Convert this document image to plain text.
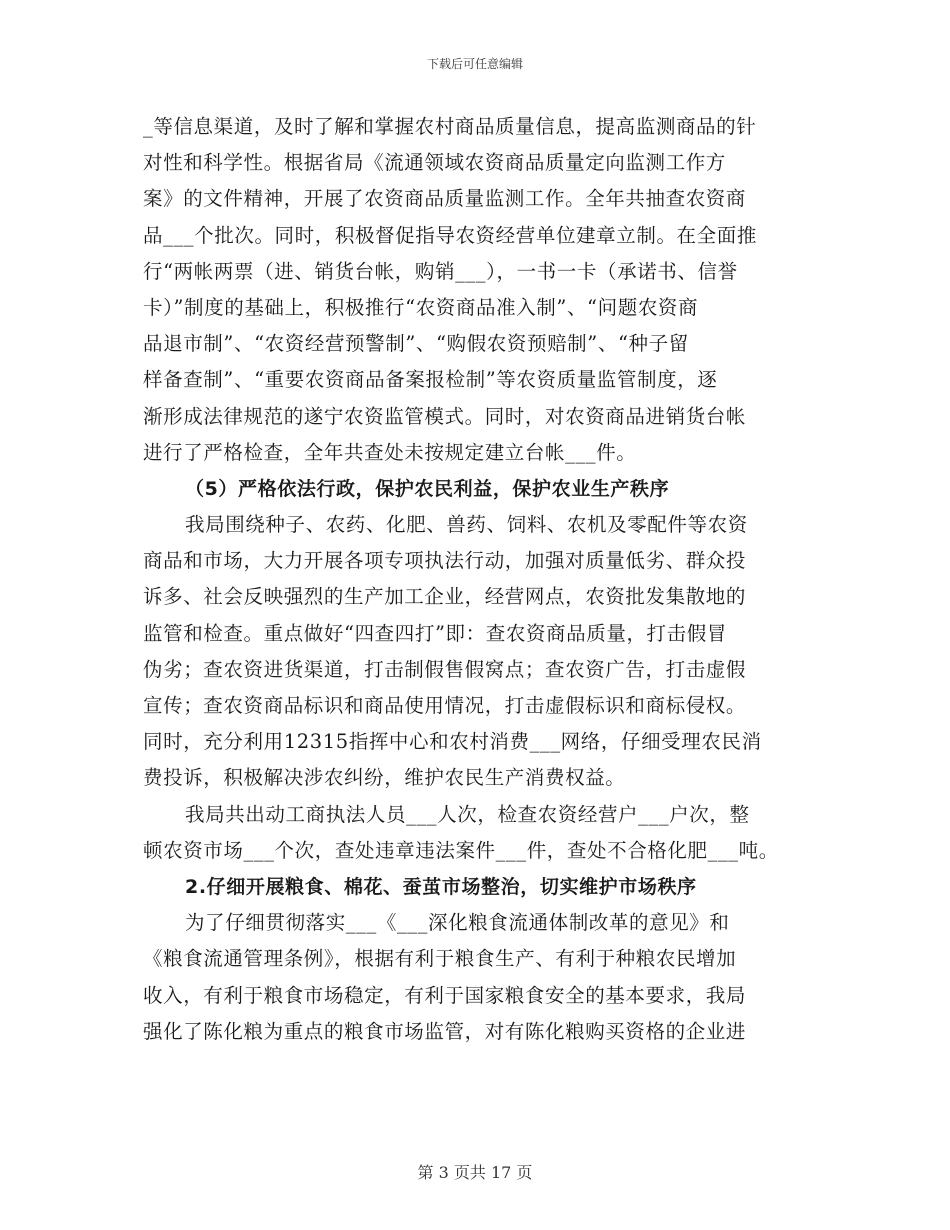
下载后可任意编辑
_等信息渠道，及时了解和掌握农村商品质量信息，提高监测商品的针
对性和科学性。根据省局《流通领域农资商品质量定向监测工作方
案》的文件精神，开展了农资商品质量监测工作。全年共抽查农资商
品___个批次。同时，积极督促指导农资经营单位建章立制。在全面推
行“两帐两票（进、销货台帐，购销___），一书一卡（承诺书、信誉
卡）”制度的基础上，积极推行“农资商品准入制”、“问题农资商
品退市制”、“农资经营预警制”、“购假农资预赔制”、“种子留
样备查制”、“重要农资商品备案报检制”等农资质量监管制度，逐
渐形成法律规范的遂宁农资监管模式。同时，对农资商品进销货台帐
进行了严格检查，全年共查处未按规定建立台帐___件。
（5）严格依法行政，保护农民利益，保护农业生产秩序
我局围绕种子、农药、化肥、兽药、饲料、农机及零配件等农资
商品和市场，大力开展各项专项执法行动，加强对质量低劣、群众投
诉多、社会反映强烈的生产加工企业，经营网点，农资批发集散地的
监管和检查。重点做好“四查四打”即：查农资商品质量，打击假冒
伪劣；查农资进货渠道，打击制假售假窝点；查农资广告，打击虚假
宣传；查农资商品标识和商品使用情况，打击虚假标识和商标侵权。
同时，充分利用12315指挥中心和农村消费___网络，仔细受理农民消
费投诉，积极解决涉农纠纷，维护农民生产消费权益。
我局共出动工商执法人员___人次，检查农资经营户___户次，整
顿农资市场___个次，查处违章违法案件___件，查处不合格化肥___吨。
2.仔细开展粮食、棉花、蚕茧市场整治，切实维护市场秩序
为了仔细贯彻落实___《___深化粮食流通体制改革的意见》和
《粮食流通管理条例》，根据有利于粮食生产、有利于种粮农民增加
收入，有利于粮食市场稳定，有利于国家粮食安全的基本要求，我局
强化了陈化粮为重点的粮食市场监管，对有陈化粮购买资格的企业进
第 3 页共 17 页
